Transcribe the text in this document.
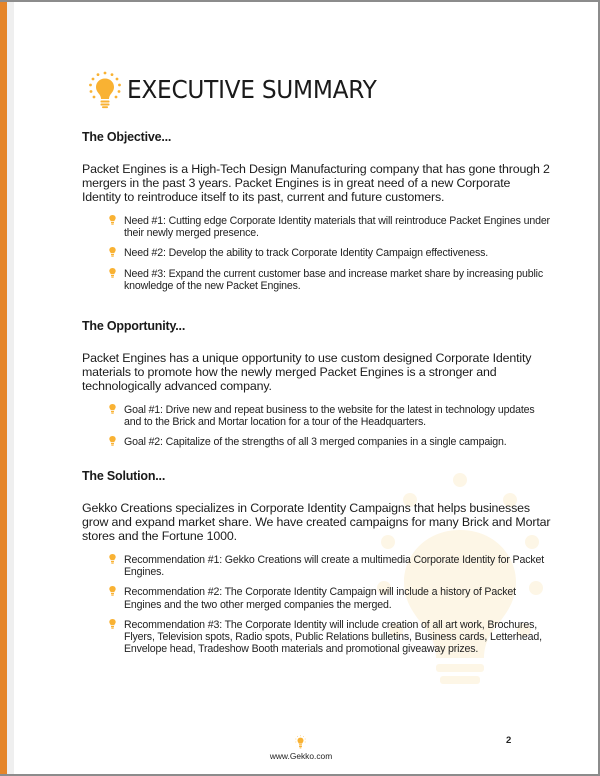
EXECUTIVE SUMMARY
The Objective...

Packet Engines is a High-Tech Design Manufacturing company that has gone through 2 mergers in the past 3 years. Packet Engines is in great need of a new Corporate Identity to reintroduce itself to its past, current and future customers.

Need #1: Cutting edge Corporate Identity materials that will reintroduce Packet Engines under their newly merged presence.
Need #2: Develop the ability to track Corporate Identity Campaign effectiveness.
Need #3: Expand the current customer base and increase market share by increasing public knowledge of the new Packet Engines.
The Opportunity...

Packet Engines has a unique opportunity to use custom designed Corporate Identity materials to promote how the newly merged Packet Engines is a stronger and technologically advanced company.

Goal #1: Drive new and repeat business to the website for the latest in technology updates and to the Brick and Mortar location for a tour of the Headquarters.
Goal #2: Capitalize of the strengths of all 3 merged companies in a single campaign.
The Solution...

Gekko Creations specializes in Corporate Identity Campaigns that helps businesses grow and expand market share. We have created campaigns for many Brick and Mortar stores and the Fortune 1000.

Recommendation #1: Gekko Creations will create a multimedia Corporate Identity for Packet Engines.
Recommendation #2: The Corporate Identity Campaign will include a history of Packet Engines and the two other merged companies the merged.
Recommendation #3: The Corporate Identity will include creation of all art work, Brochures, Flyers, Television spots, Radio spots, Public Relations bulletins, Business cards, Letterhead, Envelope head, Tradeshow Booth materials and promotional giveaway prizes.
www.Gekko.com
2
